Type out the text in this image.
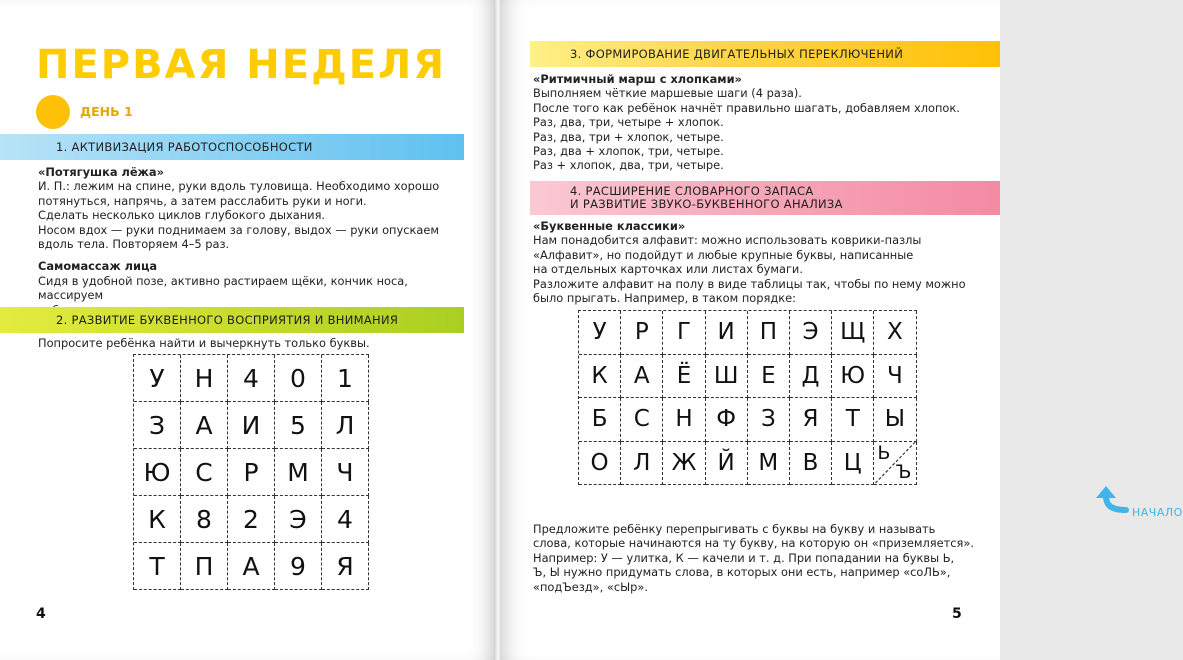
ПЕРВАЯ НЕДЕЛЯ
ДЕНЬ 1
1. АКТИВИЗАЦИЯ РАБОТОСПОСОБНОСТИ

«Потягушка лёжа»

И. П.: лежим на спине, руки вдоль туловища. Необходимо хорошо

потянуться, напрячь, а затем расслабить руки и ноги.

Сделать несколько циклов глубокого дыхания.

Носом вдох — руки поднимаем за голову, выдох — руки опускаем

вдоль тела. Повторяем 4–5 раз.

Самомассаж лица

Сидя в удобной позе, активно растираем щёки, кончик носа, массируем

2. РАЗВИТИЕ БУКВЕННОГО ВОСПРИЯТИЯ И ВНИМАНИЯ
Попросите ребёнка найти и вычеркнуть только буквы.
У Н 4 0 1
З А И 5 Л
Ю С Р М Ч
К 8 2 Э 4
Т П А 9 Я
4
3. ФОРМИРОВАНИЕ ДВИГАТЕЛЬНЫХ ПЕРЕКЛЮЧЕНИЙ

«Ритмичный марш с хлопками»

Выполняем чёткие маршевые шаги (4 раза).

После того как ребёнок начнёт правильно шагать, добавляем хлопок.

Раз, два, три, четыре + хлопок.

Раз, два, три + хлопок, четыре.

Раз, два + хлопок, три, четыре.

Раз + хлопок, два, три, четыре.

4. РАСШИРЕНИЕ СЛОВАРНОГО ЗАПАСА
И РАЗВИТИЕ ЗВУКО-БУКВЕННОГО АНАЛИЗА

«Буквенные классики»

Нам понадобится алфавит: можно использовать коврики-пазлы

«Алфавит», но подойдут и любые крупные буквы, написанные

на отдельных карточках или листах бумаги.

Разложите алфавит на полу в виде таблицы так, чтобы по нему можно

было прыгать. Например, в таком порядке:

У Р Г И П Э Щ Х
К А Ё Ш Е Д Ю Ч
Б С Н Ф З Я Т Ы
О Л Ж Й М В Ц Ь
Ъ
НАЧАЛО

Предложите ребёнку перепрыгивать с буквы на букву и называть

слова, которые начинаются на ту букву, на которую он «приземляется».

Например: У — улитка, К — качели и т. д. При попадании на буквы Ь,

Ъ, Ы нужно придумать слова, в которых они есть, например «соЛЬ»,

«подЪезд», «сЫр».

5
